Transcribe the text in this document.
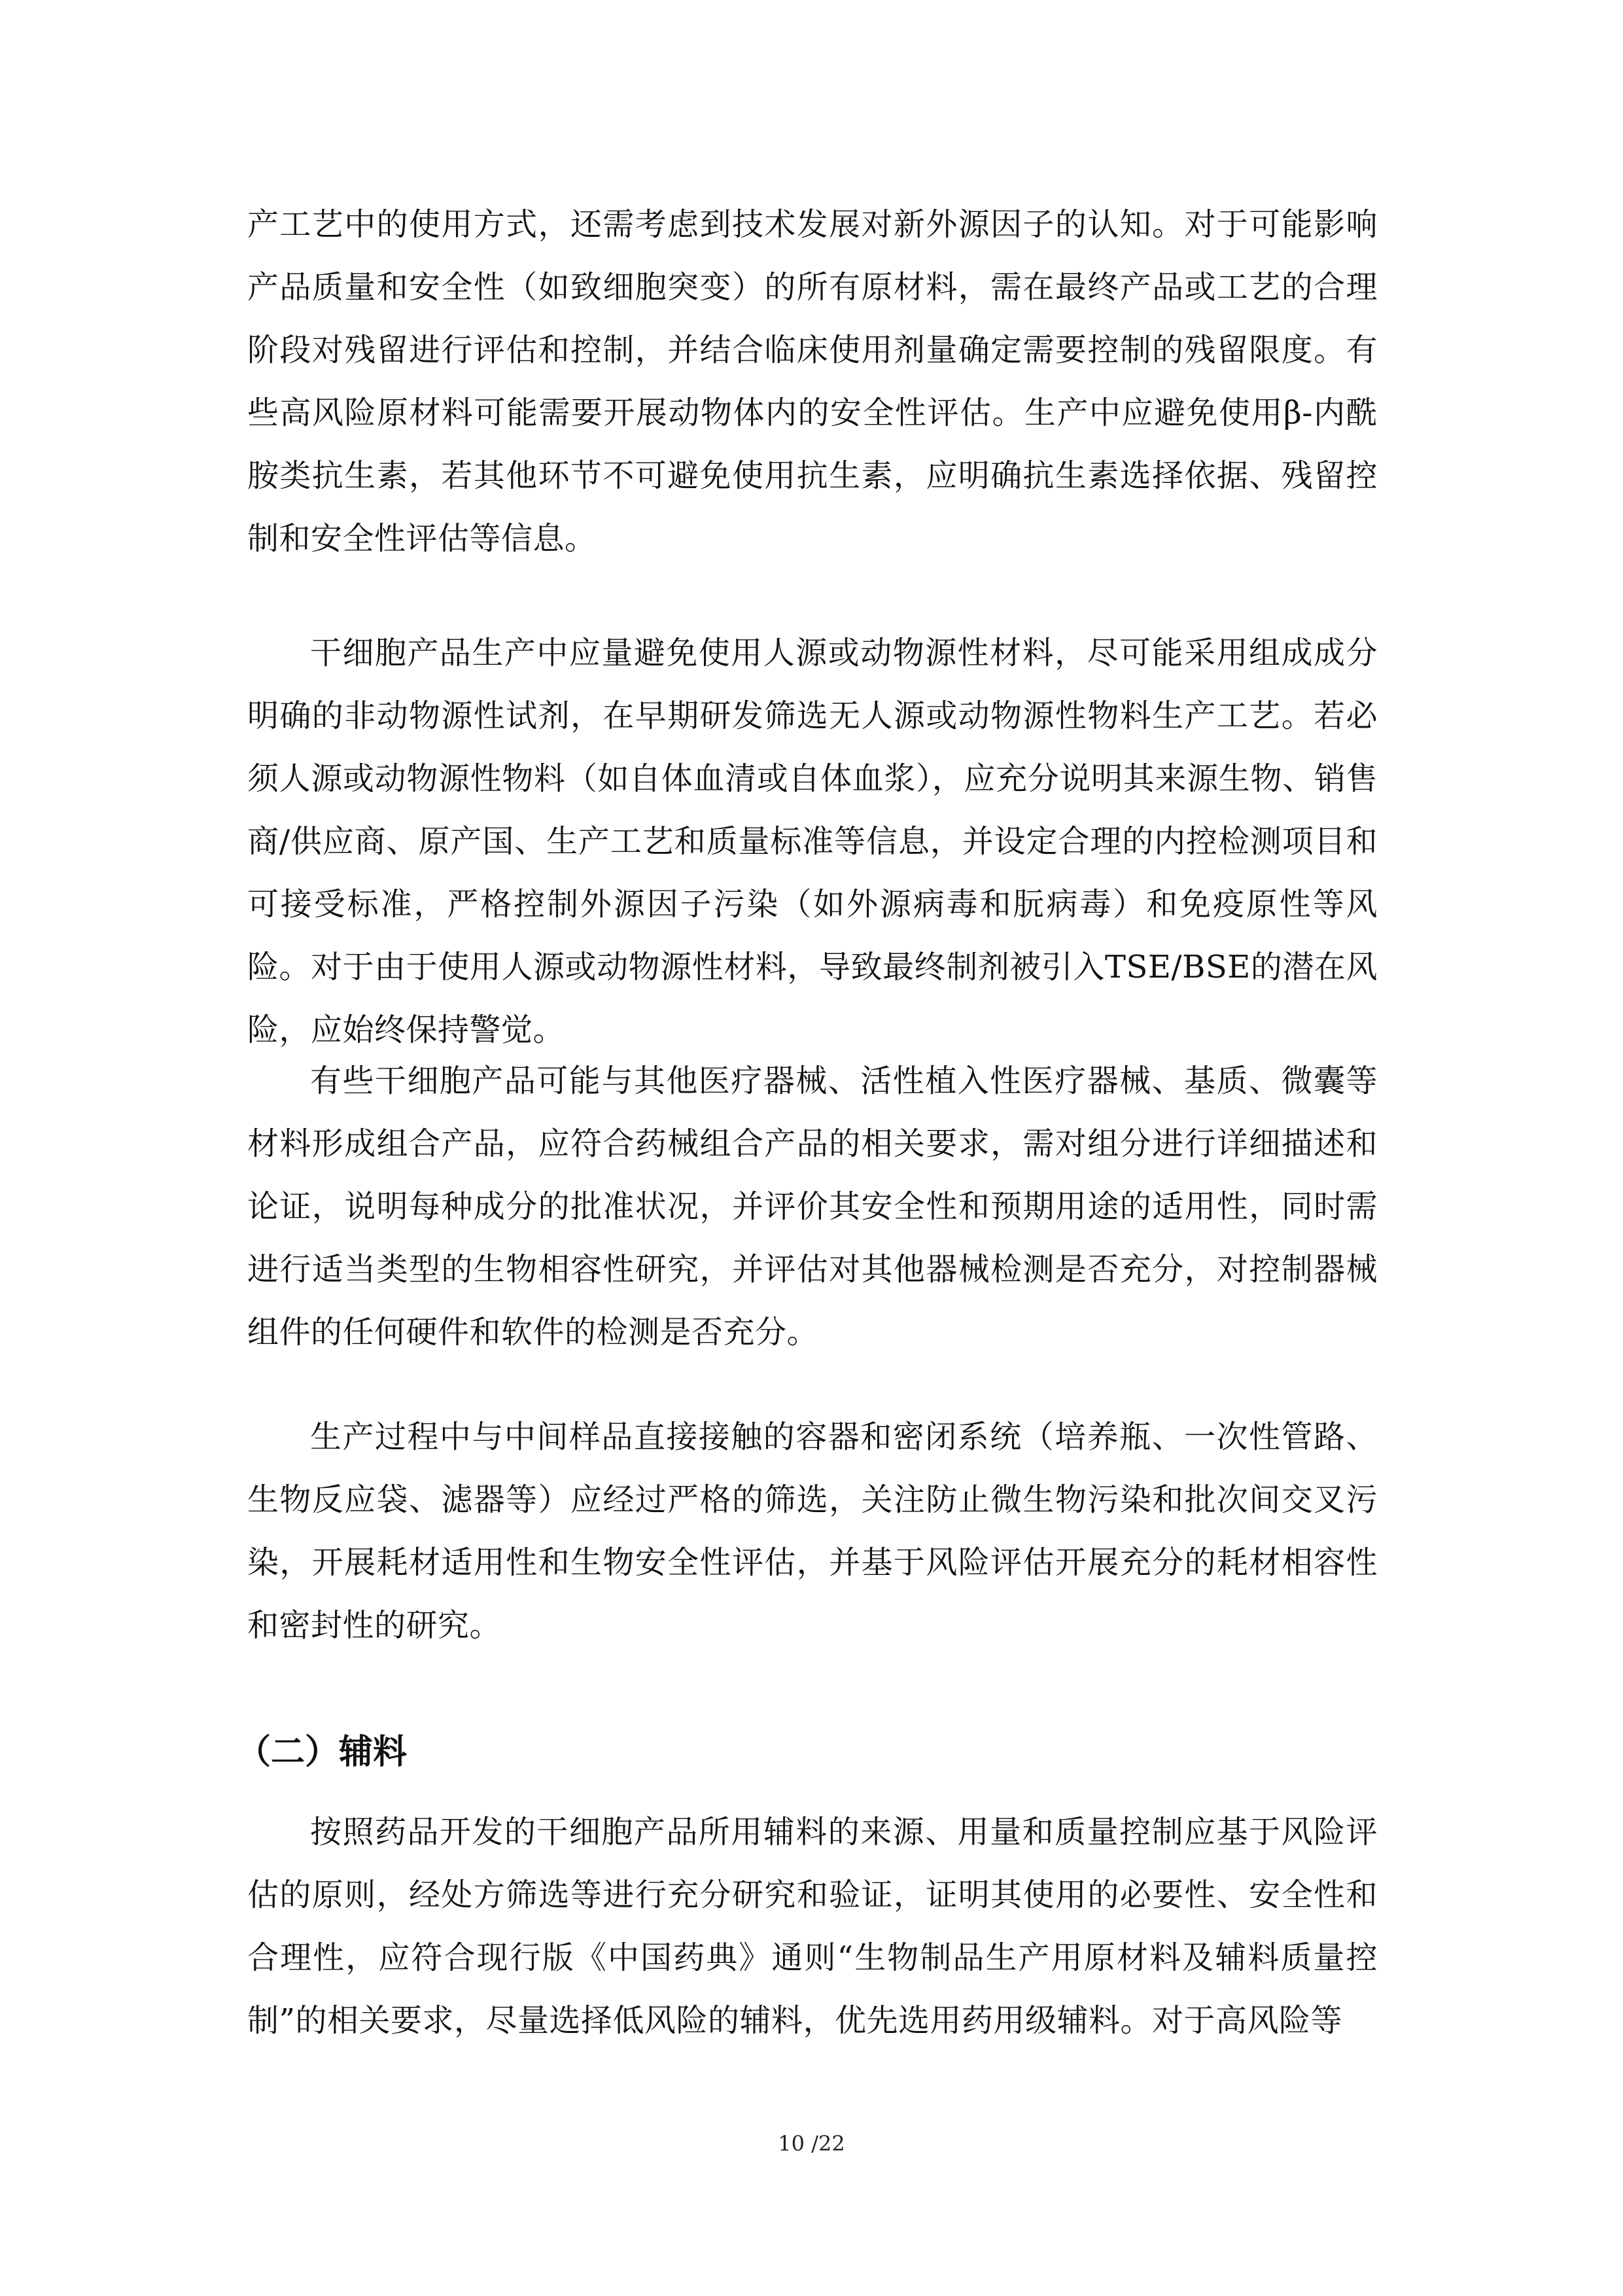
产工艺中的使用方式，还需考虑到技术发展对新外源因子的认知。对于可能影响产品质量和安全性（如致细胞突变）的所有原材料，需在最终产品或工艺的合理阶段对残留进行评估和控制，并结合临床使用剂量确定需要控制的残留限度。有些高风险原材料可能需要开展动物体内的安全性评估。生产中应避免使用β-内酰胺类抗生素，若其他环节不可避免使用抗生素，应明确抗生素选择依据、残留控制和安全性评估等信息。

干细胞产品生产中应量避免使用人源或动物源性材料，尽可能采用组成成分明确的非动物源性试剂，在早期研发筛选无人源或动物源性物料生产工艺。若必须人源或动物源性物料（如自体血清或自体血浆），应充分说明其来源生物、销售商/供应商、原产国、生产工艺和质量标准等信息，并设定合理的内控检测项目和可接受标准，严格控制外源因子污染（如外源病毒和朊病毒）和免疫原性等风险。对于由于使用人源或动物源性材料，导致最终制剂被引入TSE/BSE的潜在风险，应始终保持警觉。

有些干细胞产品可能与其他医疗器械、活性植入性医疗器械、基质、微囊等材料形成组合产品，应符合药械组合产品的相关要求，需对组分进行详细描述和论证，说明每种成分的批准状况，并评价其安全性和预期用途的适用性，同时需进行适当类型的生物相容性研究，并评估对其他器械检测是否充分，对控制器械组件的任何硬件和软件的检测是否充分。

生产过程中与中间样品直接接触的容器和密闭系统（培养瓶、一次性管路、生物反应袋、滤器等）应经过严格的筛选，关注防止微生物污染和批次间交叉污染，开展耗材适用性和生物安全性评估，并基于风险评估开展充分的耗材相容性和密封性的研究。

（二）辅料

按照药品开发的干细胞产品所用辅料的来源、用量和质量控制应基于风险评估的原则，经处方筛选等进行充分研究和验证，证明其使用的必要性、安全性和合理性，应符合现行版《中国药典》通则“生物制品生产用原材料及辅料质量控制”的相关要求，尽量选择低风险的辅料，优先选用药用级辅料。对于高风险等

10 /22
